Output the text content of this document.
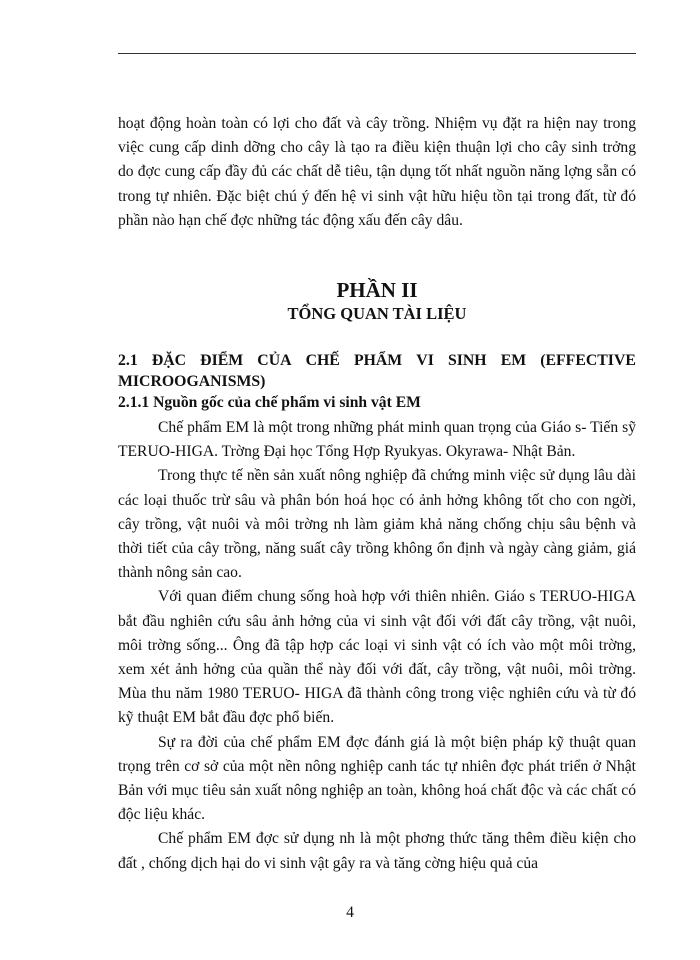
hoạt động hoàn toàn có lợi cho đất và cây trồng. Nhiệm vụ đặt ra hiện nay trong việc cung cấp dinh dỡng cho cây là tạo ra điều kiện thuận lợi cho cây sinh trởng do đợc cung cấp đầy đủ các chất dễ tiêu, tận dụng tốt nhất nguồn năng lợng sẵn có trong tự nhiên. Đặc biệt chú ý đến hệ vi sinh vật hữu hiệu tồn tại trong đất, từ đó phần nào hạn chế đợc những tác động xấu đến cây dâu.

PHẦN II
TỔNG QUAN TÀI LIỆU
2.1 ĐẶC ĐIỂM CỦA CHẾ PHẨM VI SINH EM (EFFECTIVE
MICROOGANISMS)
2.1.1 Nguồn gốc của chế phẩm vi sinh vật EM

Chế phẩm EM là một trong những phát minh quan trọng của Giáo s- Tiến sỹ TERUO-HIGA. Trờng Đại học Tổng Hợp Ryukyas. Okyrawa- Nhật Bản.

Trong thực tế nền sản xuất nông nghiệp đã chứng minh việc sử dụng lâu dài các loại thuốc trừ sâu và phân bón hoá học có ảnh hởng không tốt cho con ngời, cây trồng, vật nuôi và môi trờng nh làm giảm khả năng chống chịu sâu bệnh và thời tiết của cây trồng, năng suất cây trồng không ổn định và ngày càng giảm, giá thành nông sản cao.

Với quan điểm chung sống hoà hợp với thiên nhiên. Giáo s TERUO-HIGA bắt đầu nghiên cứu sâu ảnh hởng của vi sinh vật đối với đất cây trồng, vật nuôi, môi trờng sống... Ông đã tập hợp các loại vi sinh vật có ích vào một môi trờng, xem xét ảnh hởng của quần thể này đối với đất, cây trồng, vật nuôi, môi trờng. Mùa thu năm 1980 TERUO- HIGA đã thành công trong việc nghiên cứu và từ đó kỹ thuật EM bắt đầu đợc phổ biến.

Sự ra đời của chế phẩm EM đợc đánh giá là một biện pháp kỹ thuật quan trọng trên cơ sở của một nền nông nghiệp canh tác tự nhiên đợc phát triển ở Nhật Bản với mục tiêu sản xuất nông nghiệp an toàn, không hoá chất độc và các chất có độc liệu khác.

Chế phẩm EM đợc sử dụng nh là một phơng thức tăng thêm điều kiện cho đất , chống dịch hại do vi sinh vật gây ra và tăng cờng hiệu quả của

4
